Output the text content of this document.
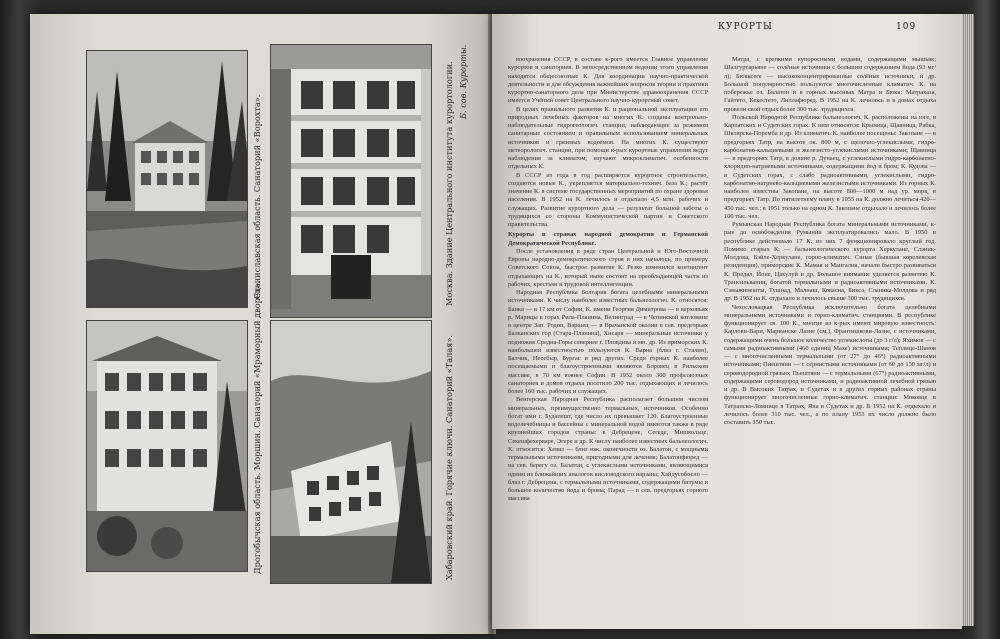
Станиславская область. Санаторий «Ворохта».	Москва. Здание Центрального института курортологии. Б. сов. Курорты.
Дрогобычская область. Моршин. Санаторий «Мраморный дворец».	Хабаровский край. Горячие ключи. Санаторий «Талая».
КУРОРТЫ	109

воохранения СССР, в составе к-рого имеется Главное управление курортов и санаториев. В непосредственном ведении этого управления находятся общесоюзные К. Для координации научно-практической деятельности и для обсуждения важнейших вопросов теории и практики курортно-санаторного дела при Министерстве здравоохранения СССР имеется Учёный совет Центрального научно-курортный совет.

В целях правильного развития К. и рациональной эксплуатации его природных лечебных факторов на многих К. созданы контрольно-наблюдательные гидрогеологич. станции, наблюдающие за режимом санитарные состоянием и правильным использованием минеральных источников и грязевых водоёмов. На многих К. существуют метеорологич. станции, при помощи к-рых курортные управления ведут наблюдения за климатом, изучают микроклиматич. особенности отдельных К.

В СССР из года в год расширяется курортное строительство, создаются новые К., укрепляется материально-технич. база К.; растёт значение К. в системе государственных мероприятий по охране здоровья населения. В 1952 на К. лечилось и отдыхало 4,5 млн. рабочих и служащих. Развитие курортного дела — результат большой заботы о трудящихся со стороны Коммунистической партии и Советского правительства.

Курорты в странах народной демократии и Германской Демократической Республике.

После установления в ряде стран Центральной и Юго-Восточной Европы народно-демократического строя в них началось, по примеру Советского Союза, быстрое развитие К. Резко изменился контингент отдыхающих на К., который ныне состоит на преобладающей части из рабочих, крестьян и трудовой интеллигенции.

Народная Республика Болгария богата целебными минеральными источниками. К числу наиболее известных бальнеологич. К. относятся: Банкя — в 17 км от Софии, К. имени Георгия Димитрова — в верховьях р. Марицы в горах Рила-Планина, Велинград — в Чепинской котловине в центре Зап. Родоп, Варшец — в Врачанской околии в сев. предгорьях Балканских гор (Стара-Планина), Хисаря — минеральные источники у подножия Средна-Горы севернее г. Пловдива и мн. др. Из приморских К. наибольшей известностью пользуются К. Варна (близ г. Сталин), Балчик, Несебыр, Бургас и ряд других. Среди горных К. наиболее посещаемыми и благоустроенными являются Боровец в Рильском массиве, в 70 км южнее Софии. В 1952 около 300 профсоюзных санаториев и домов отдыха посетило 200 тыс. отдыхающих и лечилось более 160 тыс. рабочих и служащих.

Венгерская Народная Республика располагает большим числом минеральных, преимущественно термальных, источников. Особенно богат ими г. Будапешт, где число их превышает 120. Благоустроенные водолечебницы и бассейны с минеральной водой имеются также в ряде крупнейших городов страны: в Дебрецене, Сегеде, Мишкольце, Секешфехерваре, Эгере и др. К числу наиболее известных бальнеологич. К. относятся: Хевиз — близ юж. оконечности оз. Балатон, с мощными термальными источниками, пригодными для лечения; Балатонфюред — на сев. берегу оз. Балатон, с углекислыми источниками, являющимися одним из ближайших аналогов кисловодского нарзана; Хайдусобосло — близ г. Дебрецена, с термальными источниками, содержащими битумы и большое количество йода и брома; Парад — в сев. предгорьях горного массива

Матра, с крепкими купоросными водами, содержащими мышьяк; Шалгуртарьяне — солёные источники с большим содержанием йода (93 мг/л); Бюкксеге — высококонцентрированные солёные источники, и др. Большой популярностью пользуются многочисленные климатич. К. на побережье оз. Балатон и в горных массивах Матра и Бюкк: Матрахаза, Гайтето, Кекестето, Лиллафюред. В 1952 на К. лечилось и в домах отдыха провели свой отдых более 300 тыс. трудящихся.

Польской Народной Республике бальнеологич. К. расположены на юге, в Карпатских и Судетских горах. К ним относятся: Крыница, Щавница, Рабка, Шклярска-Поремба и др. Из климатич. К. наиболее посещены: Закопане — в предгорьях Татр, на высоте ок. 800 м, с щелочно-углекислыми, гидро-карбонатно-кальциевыми и железисто-углекислыми источниками; Щавница — в предгорьях Татр, в долине р. Дунаец, с углекислыми гидро-карбонатно-хлоридно-натриевыми источниками, содержащими йод и бром; К. Кудова — в Судетских горах, с слабо радиоактивными, углекислыми, гидро-карбонатно-натриево-кальциевыми железистыми источниками. Из горных К. наиболее известны Закопане, на высоте 800—1000 м над ур. моря, в предгорьях Татр. По пятилетнему плану в 1955 на К. должно лечиться 420—450 тыс. чел.; в 1951 только на одном К. Закопане отдыхало и лечилось более 100 тыс. чел.

Румынская Народная Республика богата минеральными источниками, к-рые до освобождения Румынии эксплуатировались мало. В 1950 в республике действовало 17 К. из них 7 функционировало круглый год. Помимо старых К. — бальнеологического курорта Херкулане, Слэник-Молдова, Бэйле-Херкулане, горно-климатич. Синая (бывшая королевская резиденция), приморские К. Мамая и Мангалия, начали быстро развиваться К. Предял, Йоне, Цакулуй и др. Большое внимание уделяется развитию К. Трансильвании, богатой термальными и радиоактивными источниками. К. Сэвыжинешты, Тушнад, Малнаш, Ковасна, Бикса, Сланика-Молдова и ряд др. В 1952 на К. отдыхало и лечилось свыше 300 тыс. трудящихся.

Чехословацкая Республика исключительно богата целебными минеральными источниками и горно-климатич. станциями. В республике функционирует св. 100 К., многие из к-рых имеют мировую известность: Карлови-Вари, Марианске Лазне (см.), Франтишкови-Лазне, с источниками, содержащими очень большое количество углекислоты (до 3 г/л); Яхимов — с самыми радиоактивными (460 единиц Махе) источниками; Теплице-Шанов — с многочисленными термальными (от 27° до 46°) радиоактивными источниками; Пиештяни — с сернистыми источниками (от 60 до 130 мг/л) и сероводородной грязью; Пьештяни — с термальными (67°) радиоактивными, содержащими сероводород источниками, и радиоактивной лечебной грязью и др. В Высоких Татрах, в Судетах и в других горных районах страны функционирует многочисленные горно-климатич. станции: Моковце в Татранско-Ломнице в Татрах, Яна в Судетах и др. В 1952 на К. отдыхало и лечилось более 310 тыс. чел., а по плану 1953 их число должно было составить 350 тыс.
